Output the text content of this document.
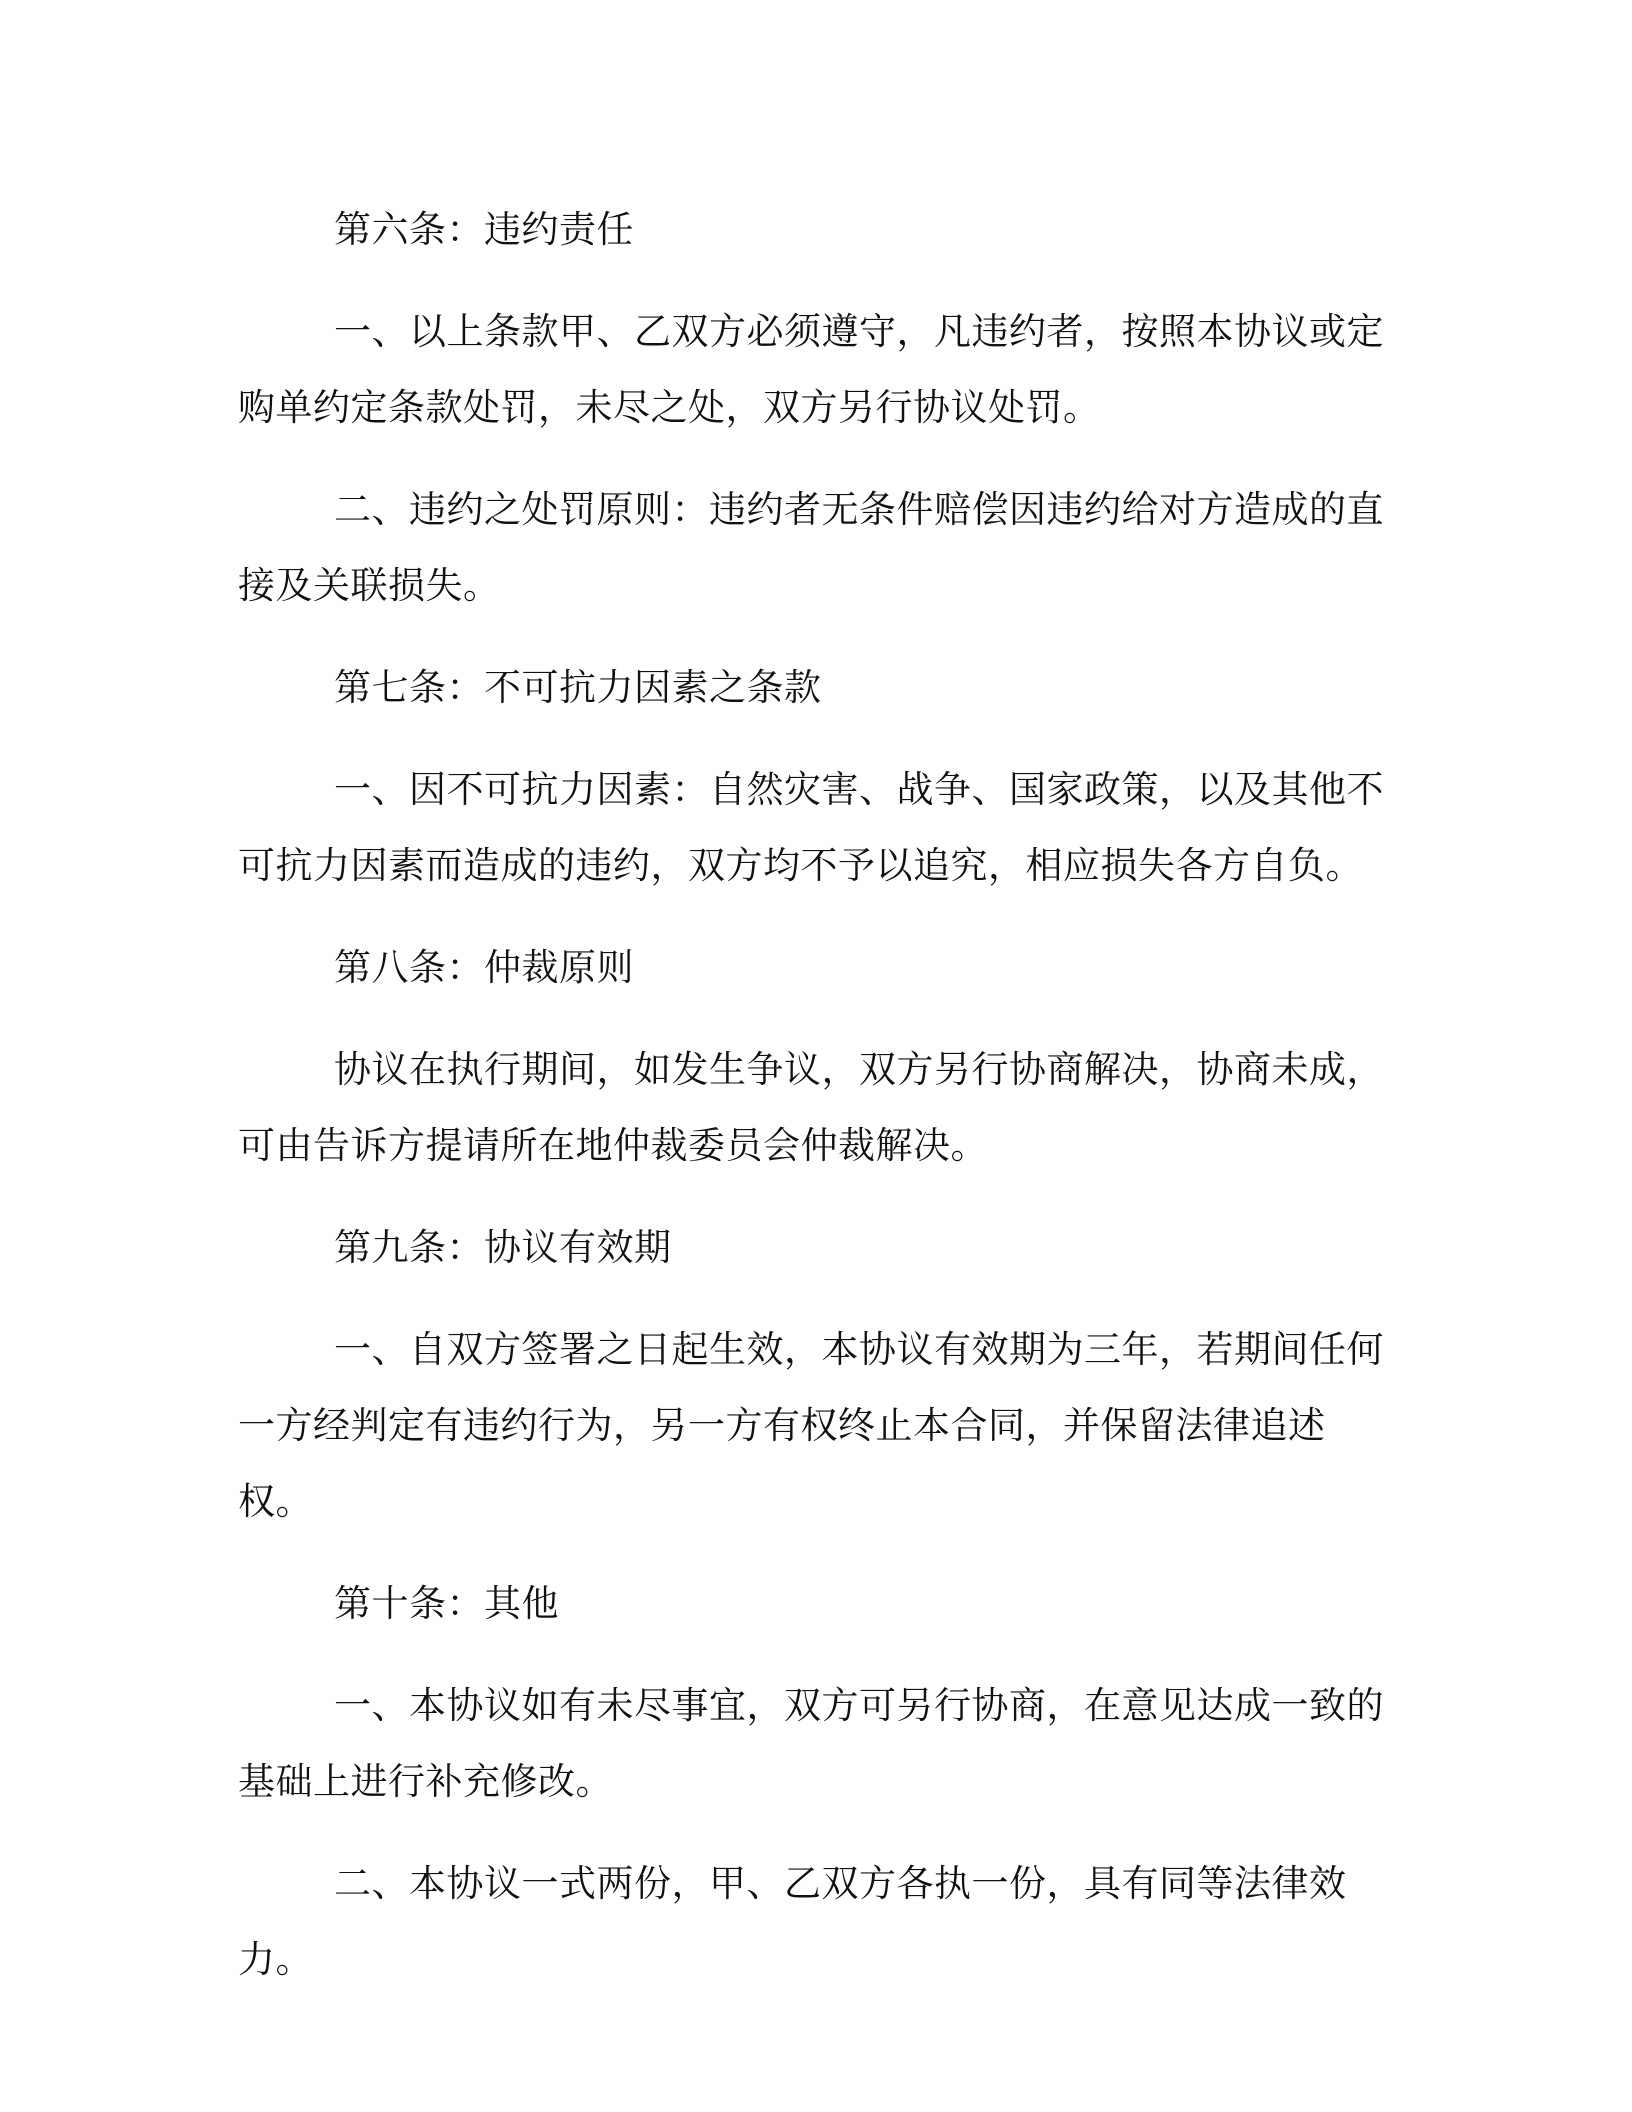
第六条：违约责任

一、以上条款甲、乙双方必须遵守，凡违约者，按照本协议或定购单约定条款处罚，未尽之处，双方另行协议处罚。

二、违约之处罚原则：违约者无条件赔偿因违约给对方造成的直接及关联损失。

第七条：不可抗力因素之条款

一、因不可抗力因素：自然灾害、战争、国家政策，以及其他不可抗力因素而造成的违约，双方均不予以追究，相应损失各方自负。

第八条：仲裁原则

协议在执行期间，如发生争议，双方另行协商解决，协商未成，可由告诉方提请所在地仲裁委员会仲裁解决。

第九条：协议有效期

一、自双方签署之日起生效，本协议有效期为三年，若期间任何一方经判定有违约行为，另一方有权终止本合同，并保留法律追述权。

第十条：其他

一、本协议如有未尽事宜，双方可另行协商，在意见达成一致的基础上进行补充修改。

二、本协议一式两份，甲、乙双方各执一份，具有同等法律效力。
